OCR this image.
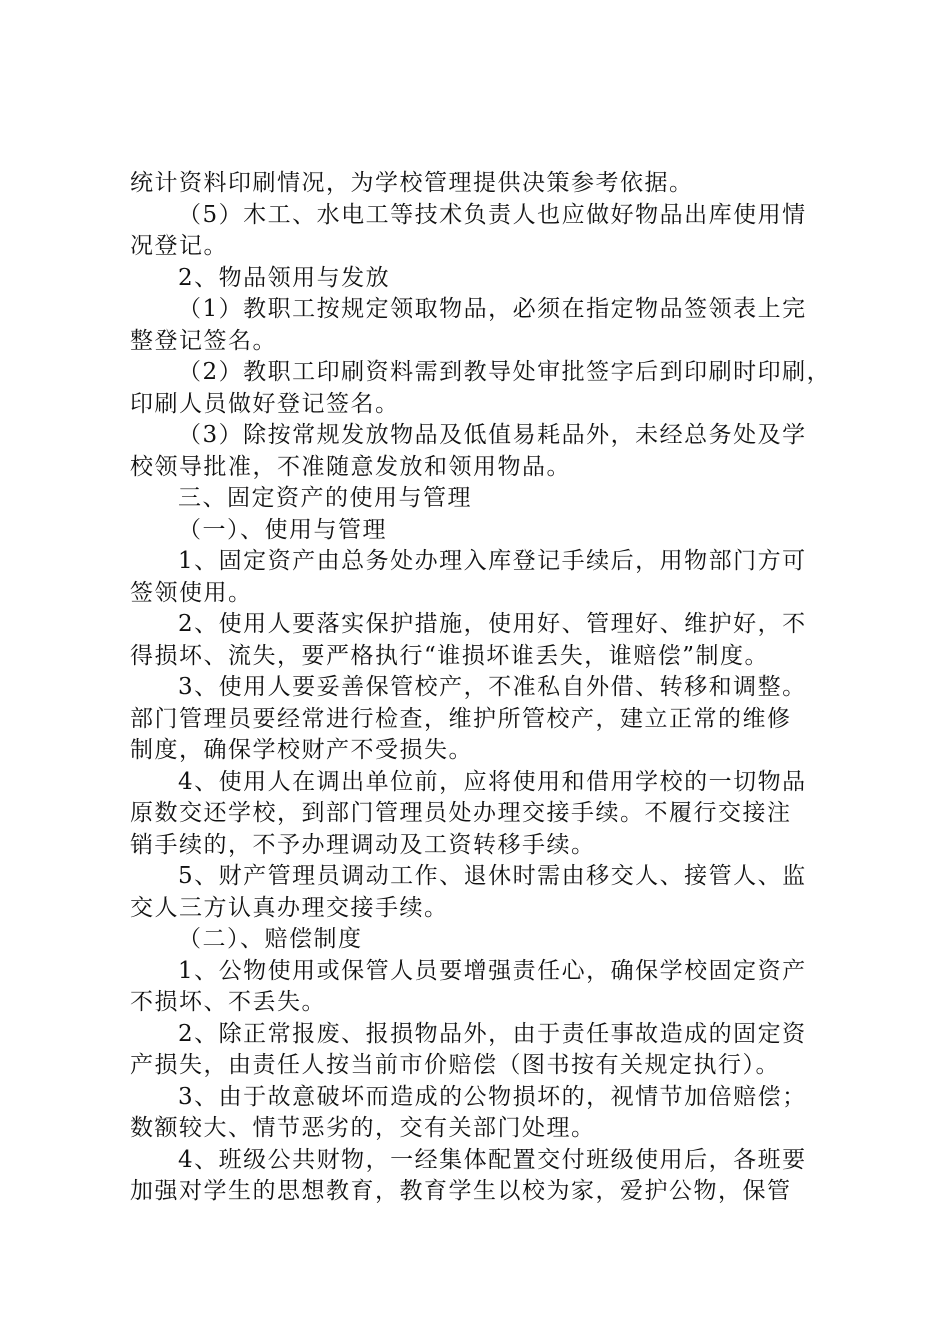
统计资料印刷情况，为学校管理提供决策参考依据。
（5）木工、水电工等技术负责人也应做好物品出库使用情
况登记。
2、物品领用与发放
（1）教职工按规定领取物品，必须在指定物品签领表上完
整登记签名。
（2）教职工印刷资料需到教导处审批签字后到印刷时印刷，
印刷人员做好登记签名。
（3）除按常规发放物品及低值易耗品外，未经总务处及学
校领导批准，不准随意发放和领用物品。
三、固定资产的使用与管理
（一）、使用与管理
1、固定资产由总务处办理入库登记手续后，用物部门方可
签领使用。
2、使用人要落实保护措施，使用好、管理好、维护好，不
得损坏、流失，要严格执行“谁损坏谁丢失，谁赔偿”制度。
3、使用人要妥善保管校产，不准私自外借、转移和调整。
部门管理员要经常进行检查，维护所管校产，建立正常的维修
制度，确保学校财产不受损失。
4、使用人在调出单位前，应将使用和借用学校的一切物品
原数交还学校，到部门管理员处办理交接手续。不履行交接注
销手续的，不予办理调动及工资转移手续。
5、财产管理员调动工作、退休时需由移交人、接管人、监
交人三方认真办理交接手续。
（二）、赔偿制度
1、公物使用或保管人员要增强责任心，确保学校固定资产
不损坏、不丢失。
2、除正常报废、报损物品外，由于责任事故造成的固定资
产损失，由责任人按当前市价赔偿（图书按有关规定执行）。
3、由于故意破坏而造成的公物损坏的，视情节加倍赔偿；
数额较大、情节恶劣的，交有关部门处理。
4、班级公共财物，一经集体配置交付班级使用后，各班要
加强对学生的思想教育，教育学生以校为家，爱护公物，保管
